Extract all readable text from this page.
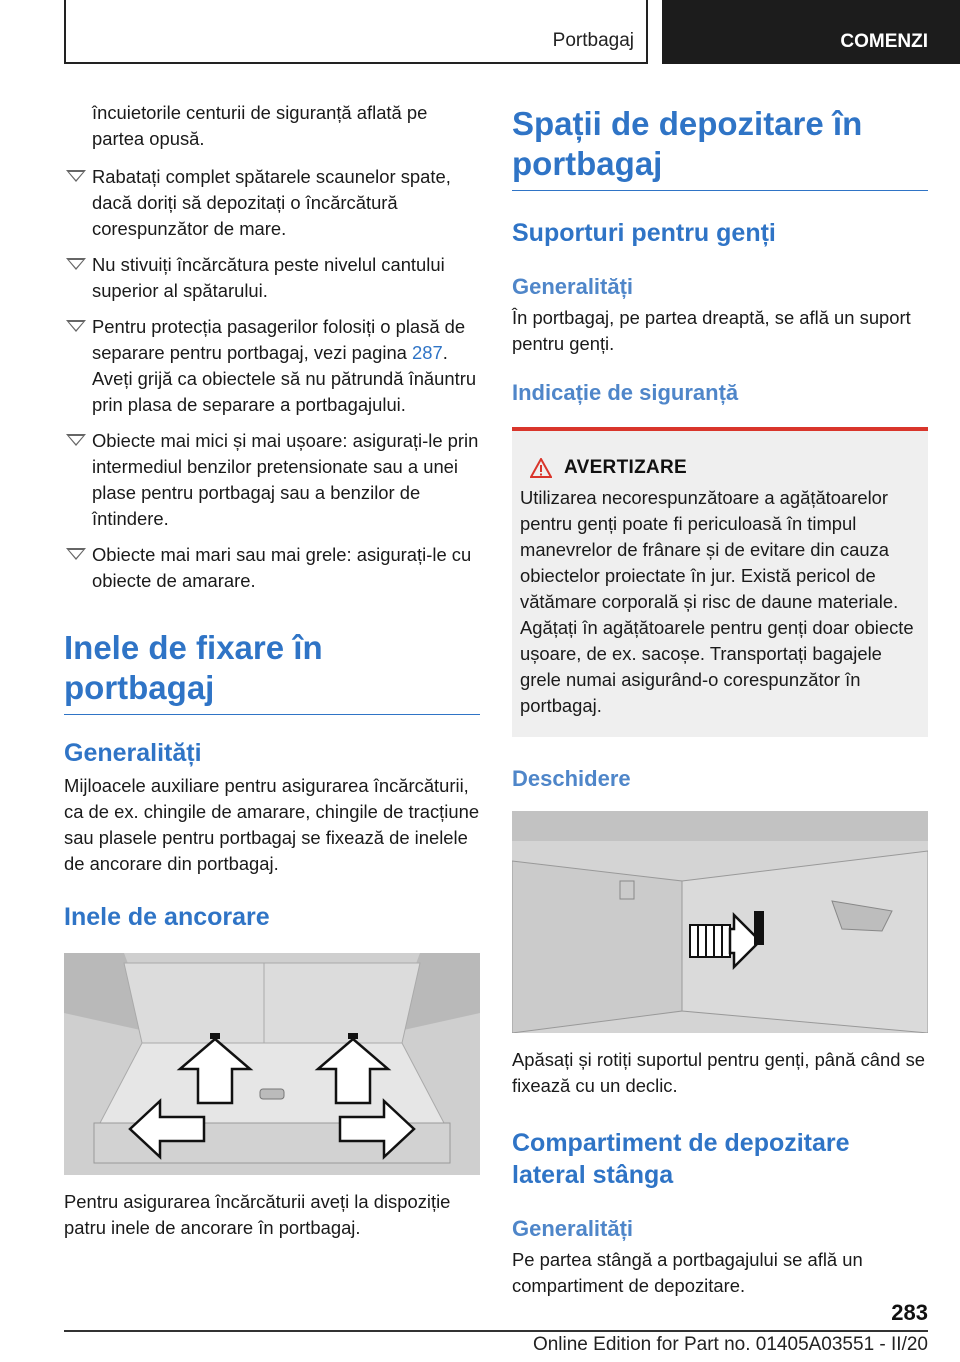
Portbagaj	COMENZI

încuietorile centurii de siguranță aflată pe partea opusă.

Rabatați complet spătarele scaunelor spate, dacă doriți să depozitați o încărcătură corespunzător de mare.

Nu stivuiți încărcătura peste nivelul cantului superior al spătarului.

Pentru protecția pasagerilor folosiți o plasă de separare pentru portbagaj, vezi pagina 287. Aveți grijă ca obiectele să nu pătrundă înăuntru prin plasa de separare a portbagajului.

Obiecte mai mici și mai ușoare: asigurați-le prin intermediul benzilor pretensionate sau a unei plase pentru portbagaj sau a benzilor de întindere.

Obiecte mai mari sau mai grele: asigurați-le cu obiecte de amarare.

Inele de fixare în portbagaj
Generalități

Mijloacele auxiliare pentru asigurarea încărcăturii, ca de ex. chingile de amarare, chingile de tracțiune sau plasele pentru portbagaj se fixează de inelele de ancorare din portbagaj.

Inele de ancorare

Pentru asigurarea încărcăturii aveți la dispoziție patru inele de ancorare în portbagaj.

Spații de depozitare în portbagaj
Suporturi pentru genți
Generalități

În portbagaj, pe partea dreaptă, se află un suport pentru genți.

Indicație de siguranță
AVERTIZARE

Utilizarea necorespunzătoare a agățătoarelor pentru genți poate fi periculoasă în timpul manevrelor de frânare și de evitare din cauza obiectelor proiectate în jur. Există pericol de vătămare corporală și risc de daune materiale. Agățați în agățătoarele pentru genți doar obiecte ușoare, de ex. sacoșe. Transportați bagajele grele numai asigurând-o corespunzător în portbagaj.

Deschidere

Apăsați și rotiți suportul pentru genți, până când se fixează cu un declic.

Compartiment de depozitare lateral stânga
Generalități

Pe partea stângă a portbagajului se află un compartiment de depozitare.

283
Online Edition for Part no. 01405A03551 - II/20
